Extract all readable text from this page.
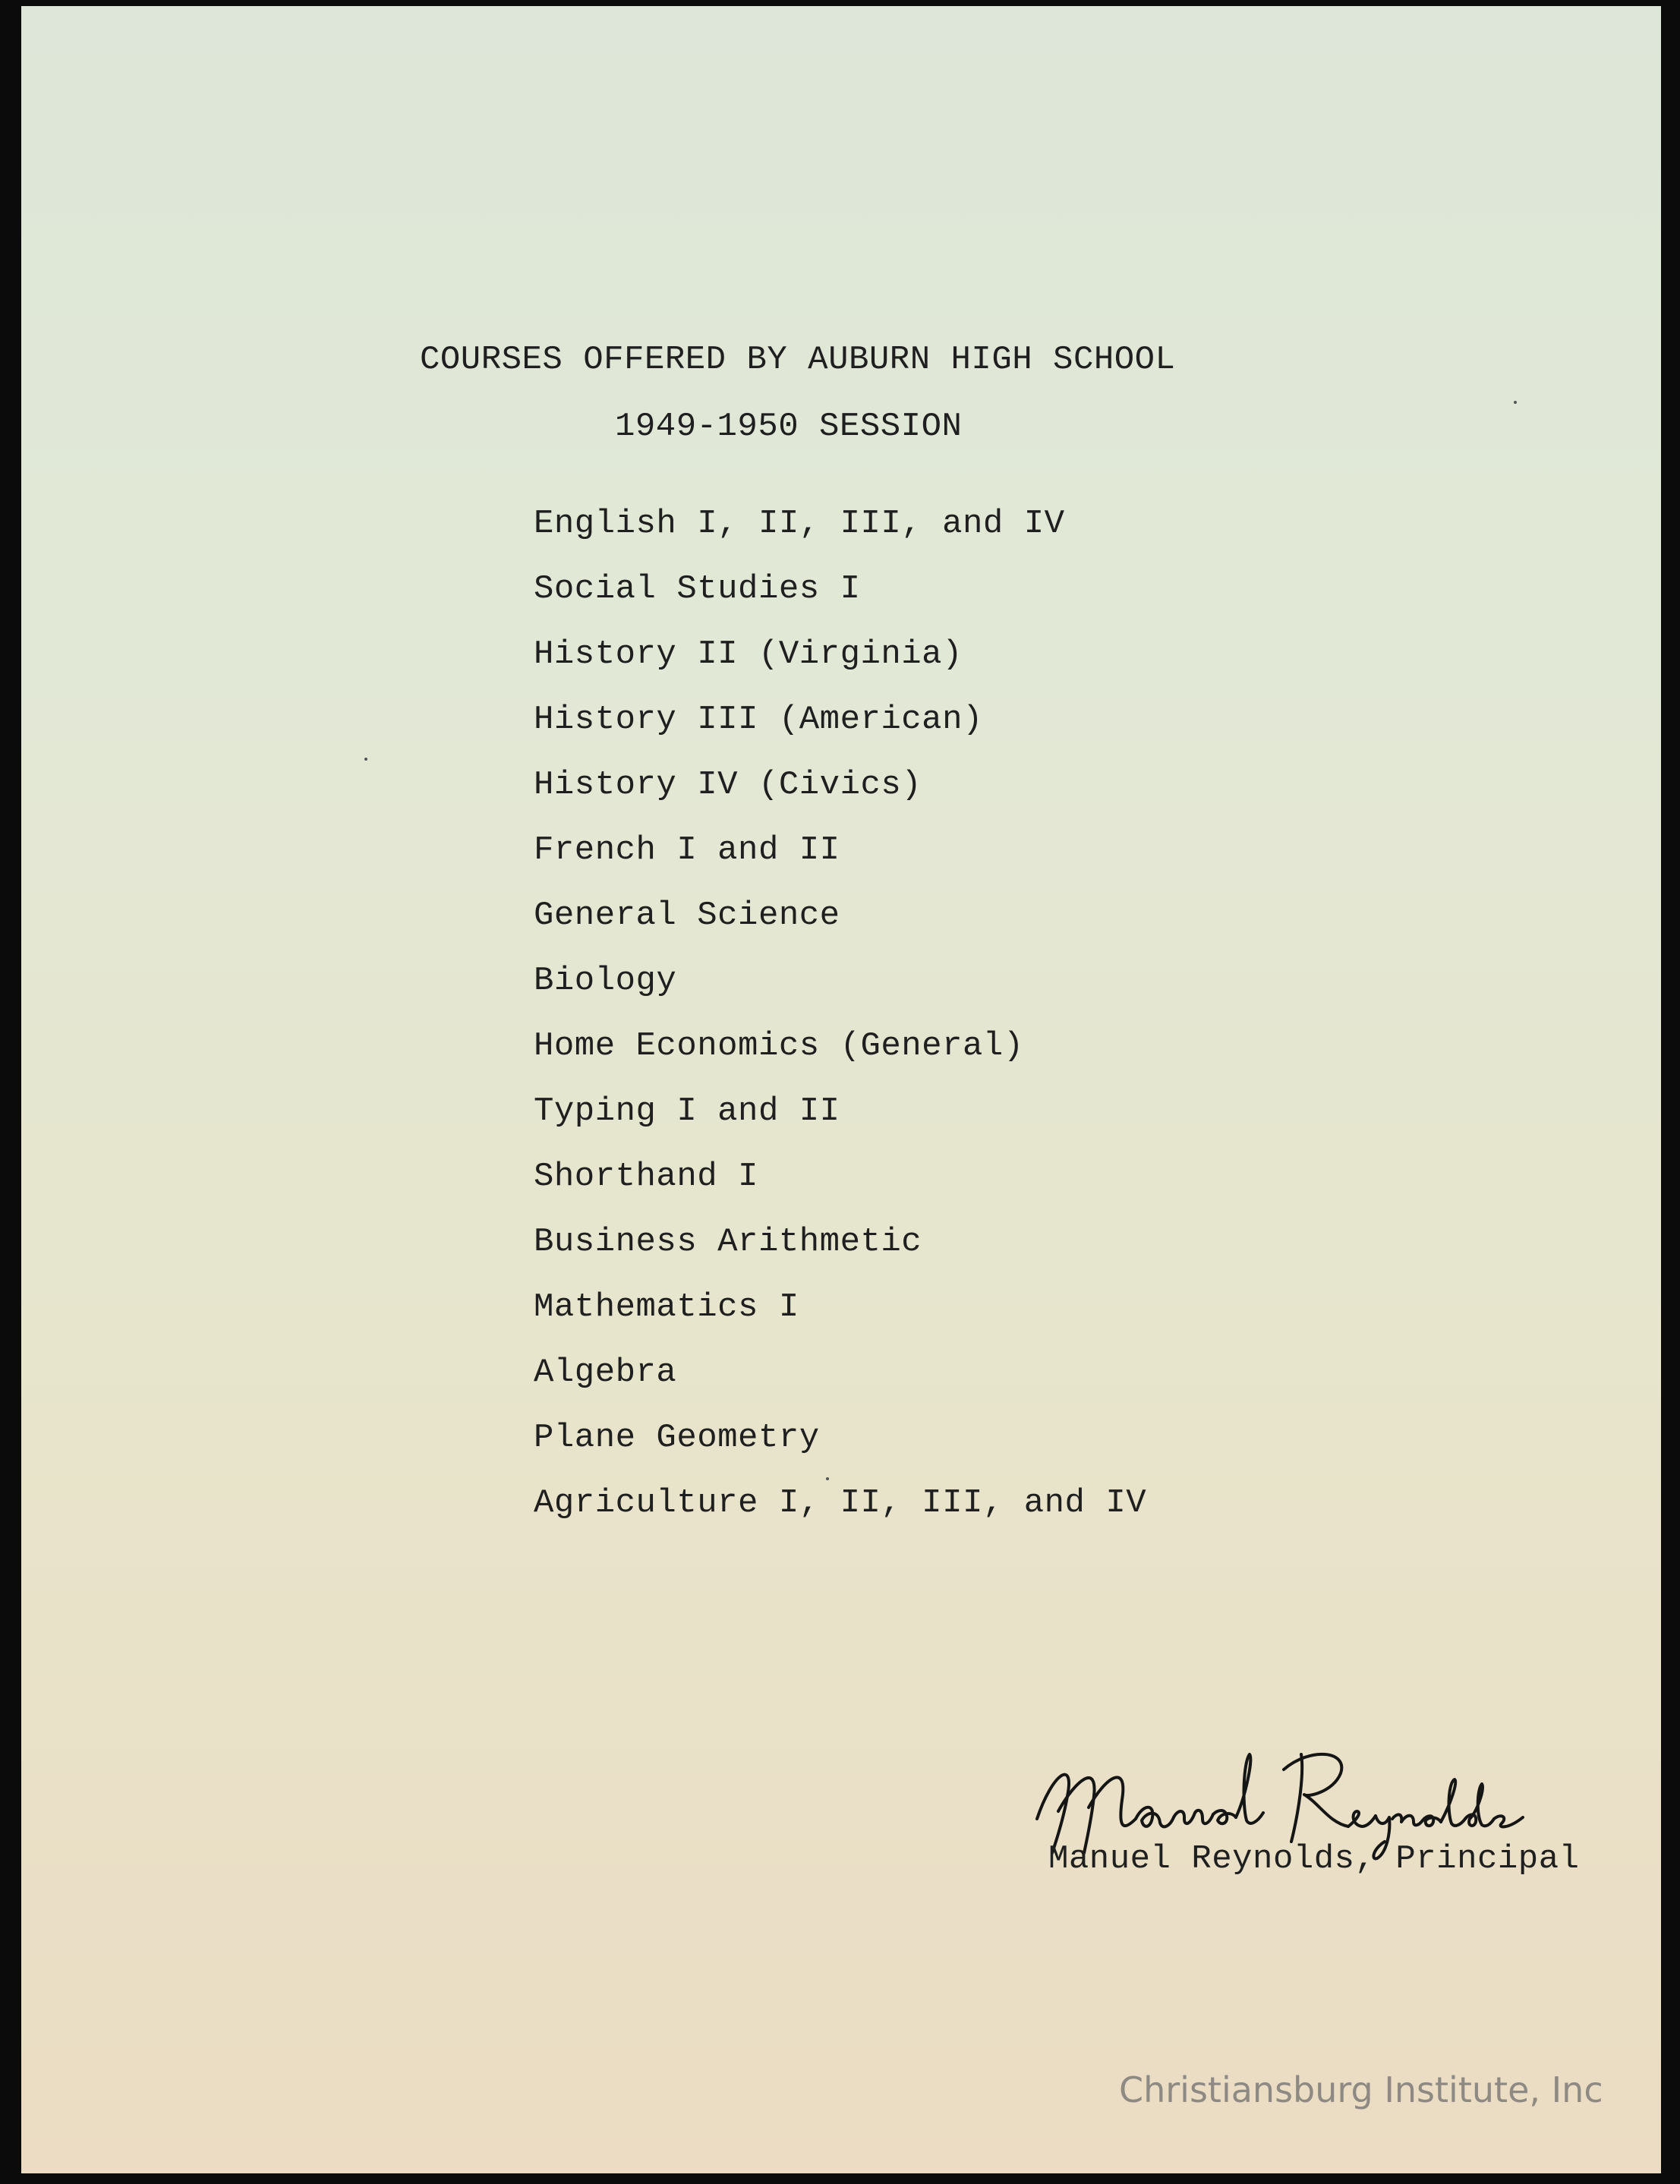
COURSES OFFERED BY AUBURN HIGH SCHOOL
1949-1950 SESSION
English I, II, III, and IV
Social Studies I
History II (Virginia)
History III (American)
History IV (Civics)
French I and II
General Science
Biology
Home Economics (General)
Typing I and II
Shorthand I
Business Arithmetic
Mathematics I
Algebra
Plane Geometry
Agriculture I, II, III, and IV
Manuel Reynolds, Principal
Christiansburg Institute, Inc
